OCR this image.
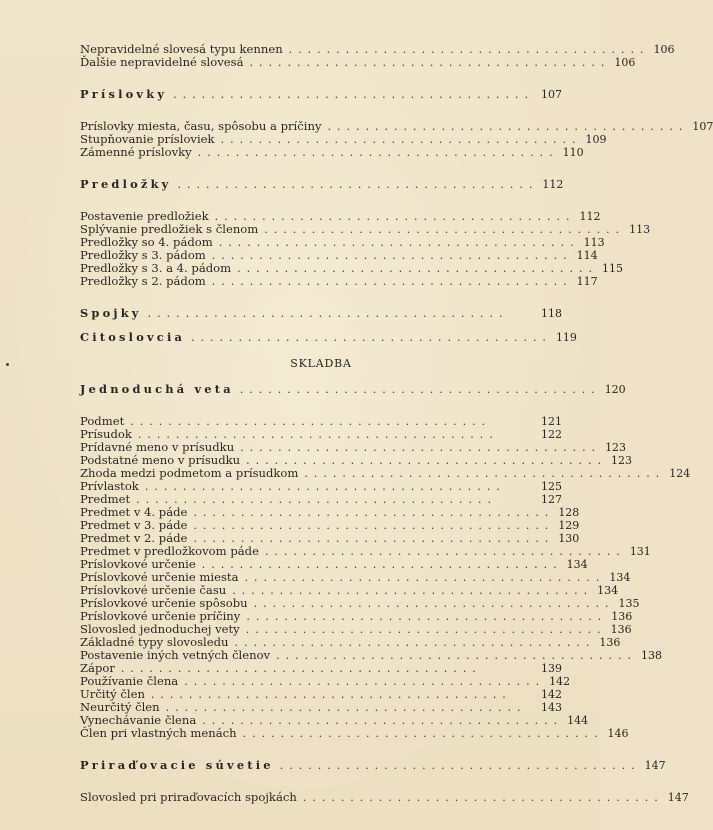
Nepravidelné slovesá typu kennen ...................................... 106
Ďalšie nepravidelné slovesá ...................................... 106
Príslovky ...................................... 107
Príslovky miesta, času, spôsobu a príčiny ...................................... 107
Stupňovanie prísloviek ...................................... 109
Zámenné príslovky ...................................... 110
Predložky ...................................... 112
Postavenie predložiek ...................................... 112
Splývanie predložiek s členom ...................................... 113
Predložky so 4. pádom ...................................... 113
Predložky s 3. pádom ...................................... 114
Predložky s 3. a 4. pádom ...................................... 115
Predložky s 2. pádom ...................................... 117
Spojky ......................................	118
Citoslovcia ...................................... 119
SKLADBA
Jednoduchá veta ...................................... 120
Podmet ......................................	121
Prísudok ......................................	122
Prídavné meno v prísudku ...................................... 123
Podstatné meno v prísudku ...................................... 123
Zhoda medzi podmetom a prísudkom ...................................... 124
Prívlastok ......................................	125
Predmet ......................................	127
Predmet v 4. páde ...................................... 128
Predmet v 3. páde ...................................... 129
Predmet v 2. páde ...................................... 130
Predmet v predložkovom páde ...................................... 131
Príslovkové určenie ...................................... 134
Príslovkové určenie miesta ...................................... 134
Príslovkové určenie času ...................................... 134
Príslovkové určenie spôsobu ...................................... 135
Príslovkové určenie príčiny ...................................... 136
Slovosled jednoduchej vety ...................................... 136
Základné typy slovosledu ...................................... 136
Postavenie iných vetných členov ...................................... 138
Zápor ......................................	139
Používanie člena ...................................... 142
Určitý člen ......................................	142
Neurčitý člen ......................................	143
Vynechávanie člena ...................................... 144
Člen pri vlastných menách ...................................... 146
Priraďovacie súvetie ...................................... 147
Slovosled pri priraďovacích spojkách ...................................... 147
